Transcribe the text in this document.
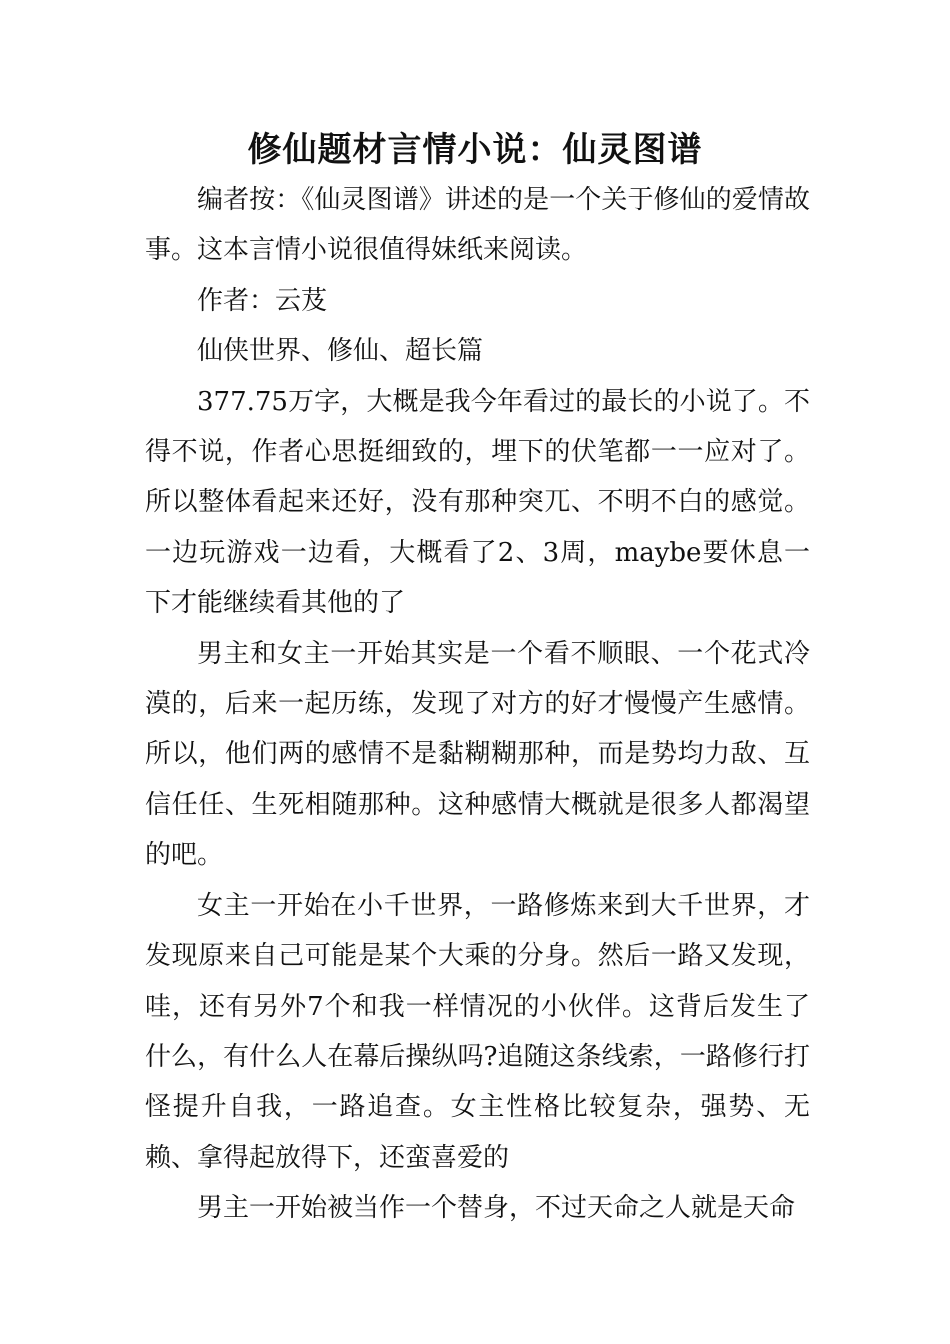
修仙题材言情小说：仙灵图谱

编者按：《仙灵图谱》讲述的是一个关于修仙的爱情故事。这本言情小说很值得妹纸来阅读。

作者：云芨

仙侠世界、修仙、超长篇

377.75万字，大概是我今年看过的最长的小说了。不得不说，作者心思挺细致的，埋下的伏笔都一一应对了。所以整体看起来还好，没有那种突兀、不明不白的感觉。一边玩游戏一边看，大概看了2、3周，maybe要休息一下才能继续看其他的了

男主和女主一开始其实是一个看不顺眼、一个花式冷漠的，后来一起历练，发现了对方的好才慢慢产生感情。所以，他们两的感情不是黏糊糊那种，而是势均力敌、互信任任、生死相随那种。这种感情大概就是很多人都渴望的吧。

女主一开始在小千世界，一路修炼来到大千世界，才发现原来自己可能是某个大乘的分身。然后一路又发现，哇，还有另外7个和我一样情况的小伙伴。这背后发生了什么，有什么人在幕后操纵吗?追随这条线索，一路修行打怪提升自我，一路追查。女主性格比较复杂，强势、无赖、拿得起放得下，还蛮喜爱的

男主一开始被当作一个替身，不过天命之人就是天命
